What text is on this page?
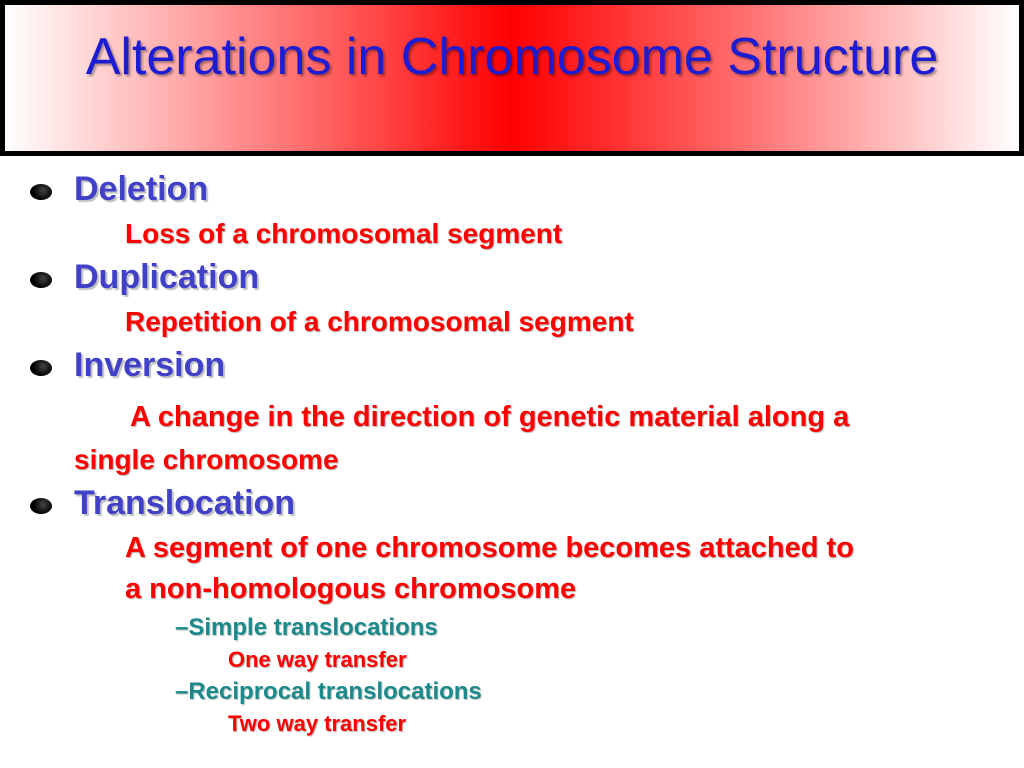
Alterations in Chromosome Structure
Deletion
Loss of a chromosomal segment
Duplication
Repetition of a chromosomal segment
Inversion
A change in the direction of genetic material along a
single chromosome
Translocation
A segment of one chromosome becomes attached to
a non-homologous chromosome
–Simple translocations
One way transfer
–Reciprocal translocations
Two way transfer
